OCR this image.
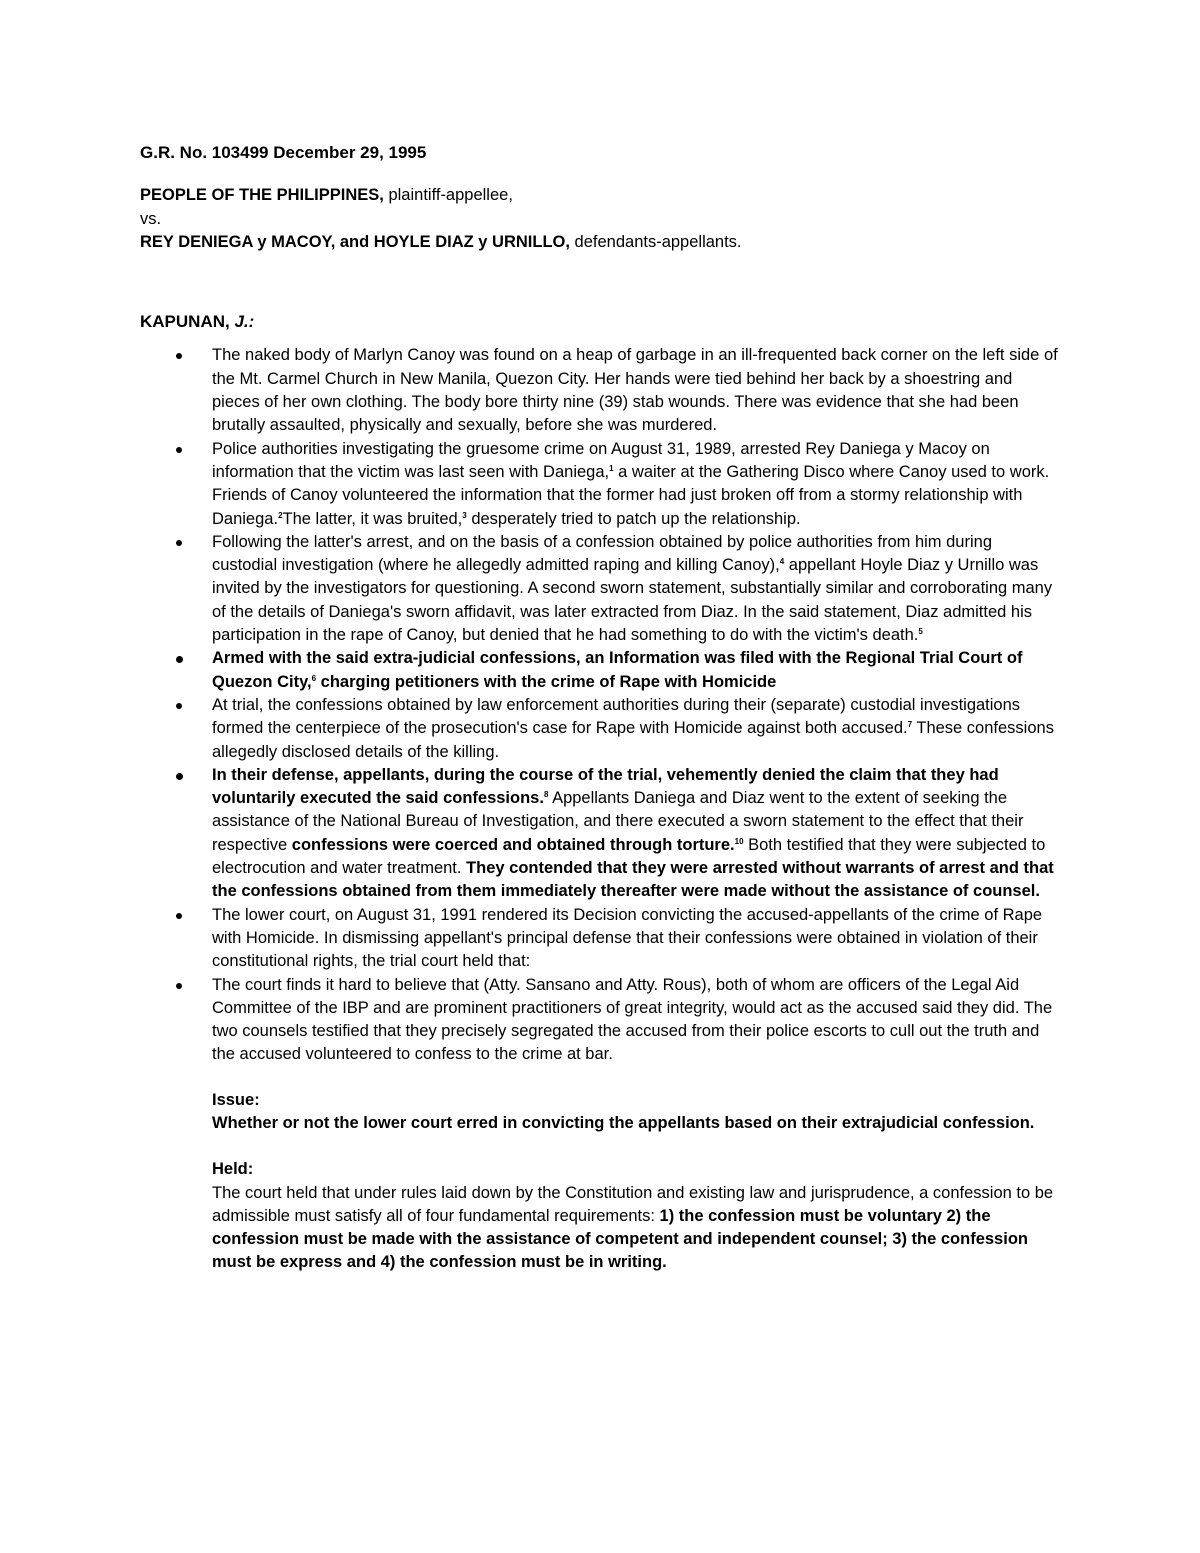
G.R. No. 103499 December 29, 1995
PEOPLE OF THE PHILIPPINES, plaintiff-appellee,
vs.
REY DENIEGA y MACOY, and HOYLE DIAZ y URNILLO, defendants-appellants.
KAPUNAN, J.:
The naked body of Marlyn Canoy was found on a heap of garbage in an ill-frequented back corner on the left side of the Mt. Carmel Church in New Manila, Quezon City. Her hands were tied behind her back by a shoestring and pieces of her own clothing. The body bore thirty nine (39) stab wounds. There was evidence that she had been brutally assaulted, physically and sexually, before she was murdered.
Police authorities investigating the gruesome crime on August 31, 1989, arrested Rey Daniega y Macoy on information that the victim was last seen with Daniega,$^1$ a waiter at the Gathering Disco where Canoy used to work. Friends of Canoy volunteered the information that the former had just broken off from a stormy relationship with Daniega.$^2$The latter, it was bruited,$^3$ desperately tried to patch up the relationship.
Following the latter's arrest, and on the basis of a confession obtained by police authorities from him during custodial investigation (where he allegedly admitted raping and killing Canoy),$^4$ appellant Hoyle Diaz y Urnillo was invited by the investigators for questioning. A second sworn statement, substantially similar and corroborating many of the details of Daniega's sworn affidavit, was later extracted from Diaz. In the said statement, Diaz admitted his participation in the rape of Canoy, but denied that he had something to do with the victim's death.$^5$
Armed with the said extra-judicial confessions, an Information was filed with the Regional Trial Court of Quezon City,$^6$ charging petitioners with the crime of Rape with Homicide
At trial, the confessions obtained by law enforcement authorities during their (separate) custodial investigations formed the centerpiece of the prosecution's case for Rape with Homicide against both accused.$^7$ These confessions allegedly disclosed details of the killing.
In their defense, appellants, during the course of the trial, vehemently denied the claim that they had voluntarily executed the said confessions.$^8$ Appellants Daniega and Diaz went to the extent of seeking the assistance of the National Bureau of Investigation, and there executed a sworn statement to the effect that their respective confessions were coerced and obtained through torture.$^{10}$ Both testified that they were subjected to electrocution and water treatment. They contended that they were arrested without warrants of arrest and that the confessions obtained from them immediately thereafter were made without the assistance of counsel.
The lower court, on August 31, 1991 rendered its Decision convicting the accused-appellants of the crime of Rape with Homicide. In dismissing appellant's principal defense that their confessions were obtained in violation of their constitutional rights, the trial court held that:
The court finds it hard to believe that (Atty. Sansano and Atty. Rous), both of whom are officers of the Legal Aid Committee of the IBP and are prominent practitioners of great integrity, would act as the accused said they did. The two counsels testified that they precisely segregated the accused from their police escorts to cull out the truth and the accused volunteered to confess to the crime at bar.
Issue:
Whether or not the lower court erred in convicting the appellants based on their extrajudicial confession.
Held:
The court held that under rules laid down by the Constitution and existing law and jurisprudence, a confession to be admissible must satisfy all of four fundamental requirements: 1) the confession must be voluntary 2) the confession must be made with the assistance of competent and independent counsel; 3) the confession must be express and 4) the confession must be in writing.
